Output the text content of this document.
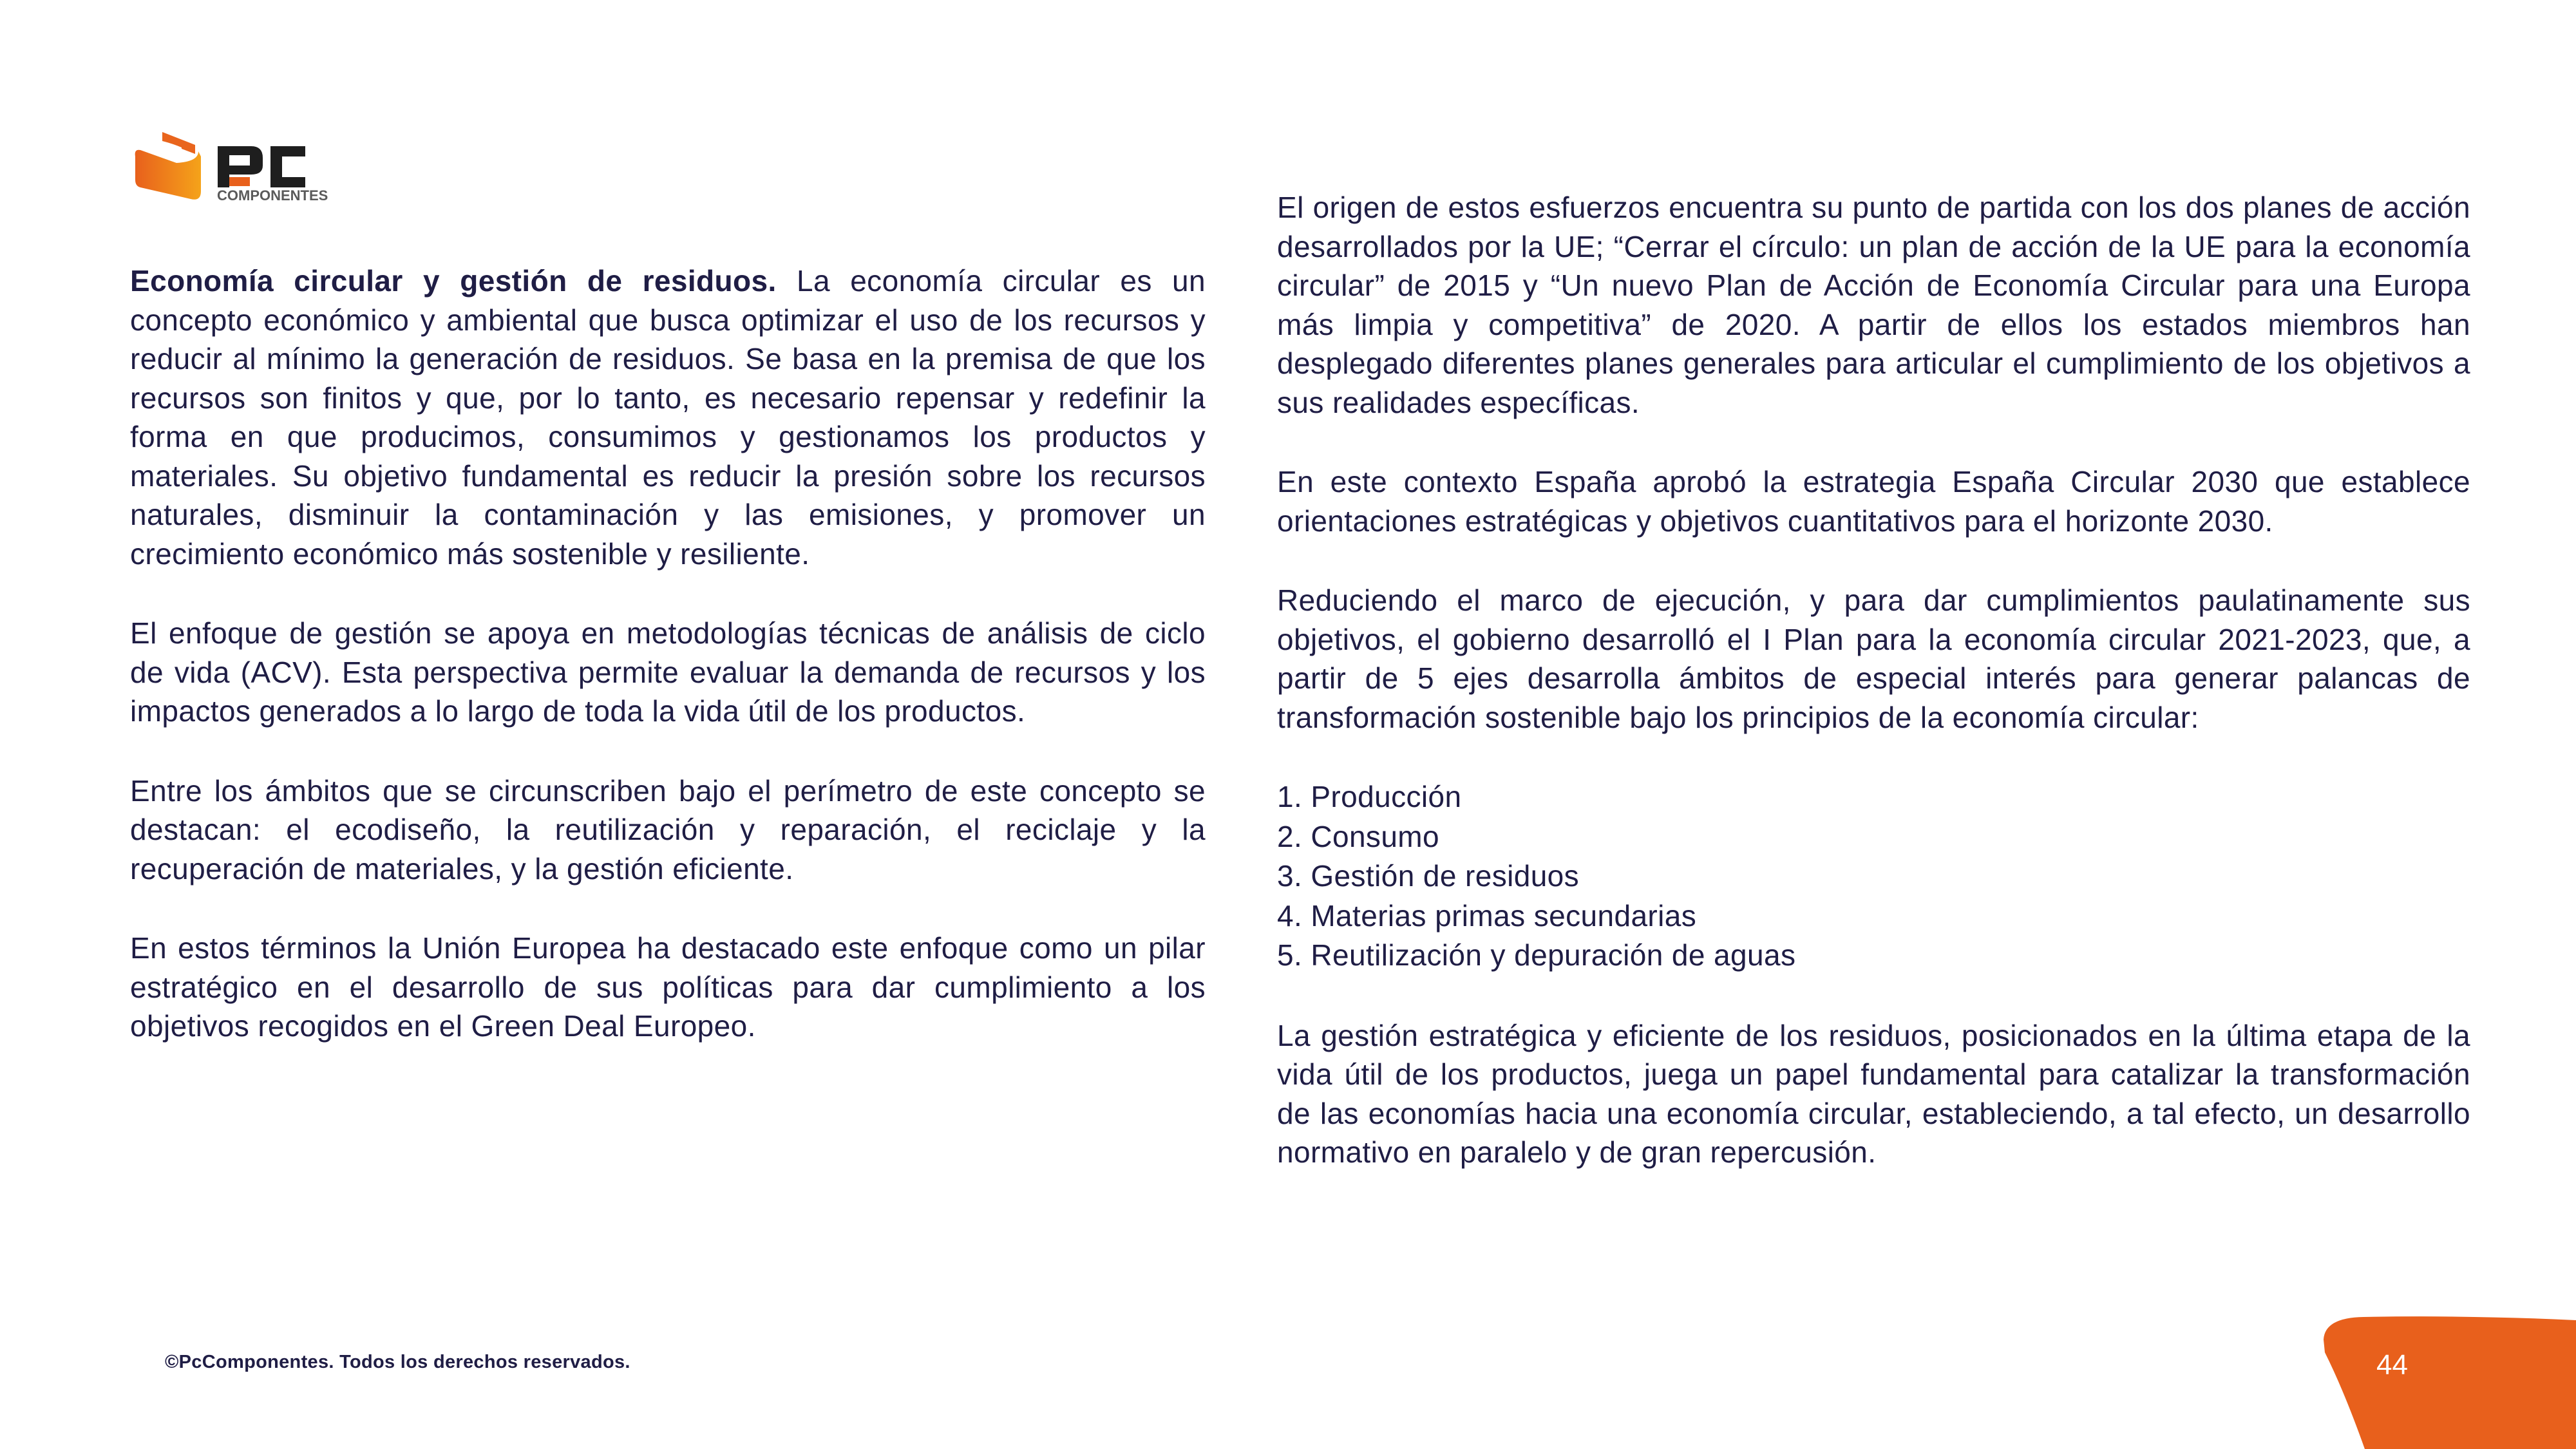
COMPONENTES

Economía circular y gestión de residuos. La economía circular es un concepto económico y ambiental que busca optimizar el uso de los recursos y reducir al mínimo la generación de residuos. Se basa en la premisa de que los recursos son finitos y que, por lo tanto, es necesario repensar y redefinir la forma en que producimos, consumimos y gestionamos los productos y materiales. Su objetivo fundamental es reducir la presión sobre los recursos naturales, disminuir la contaminación y las emisiones, y promover un crecimiento económico más sostenible y resiliente.

El enfoque de gestión se apoya en metodologías técnicas de análisis de ciclo de vida (ACV). Esta perspectiva permite evaluar la demanda de recursos y los impactos generados a lo largo de toda la vida útil de los productos.

Entre los ámbitos que se circunscriben bajo el perímetro de este concepto se destacan: el ecodiseño, la reutilización y reparación, el reciclaje y la recuperación de materiales, y la gestión eficiente.

En estos términos la Unión Europea ha destacado este enfoque como un pilar estratégico en el desarrollo de sus políticas para dar cumplimiento a los objetivos recogidos en el Green Deal Europeo.

El origen de estos esfuerzos encuentra su punto de partida con los dos planes de acción desarrollados por la UE; “Cerrar el círculo: un plan de acción de la UE para la economía circular” de 2015 y “Un nuevo Plan de Acción de Economía Circular para una Europa más limpia y competitiva” de 2020. A partir de ellos los estados miembros han desplegado diferentes planes generales para articular el cumplimiento de los objetivos a sus realidades específicas.

En este contexto España aprobó la estrategia España Circular 2030 que establece orientaciones estratégicas y objetivos cuantitativos para el horizonte 2030.

Reduciendo el marco de ejecución, y para dar cumplimientos paulatinamente sus objetivos, el gobierno desarrolló el I Plan para la economía circular 2021-2023, que, a partir de 5 ejes desarrolla ámbitos de especial interés para generar palancas de transformación sostenible bajo los principios de la economía circular:

1. Producción
2. Consumo
3. Gestión de residuos
4. Materias primas secundarias
5. Reutilización y depuración de aguas

La gestión estratégica y eficiente de los residuos, posicionados en la última etapa de la vida útil de los productos, juega un papel fundamental para catalizar la transformación de las economías hacia una economía circular, estableciendo, a tal efecto, un desarrollo normativo en paralelo y de gran repercusión.

©PcComponentes. Todos los derechos reservados.	44
